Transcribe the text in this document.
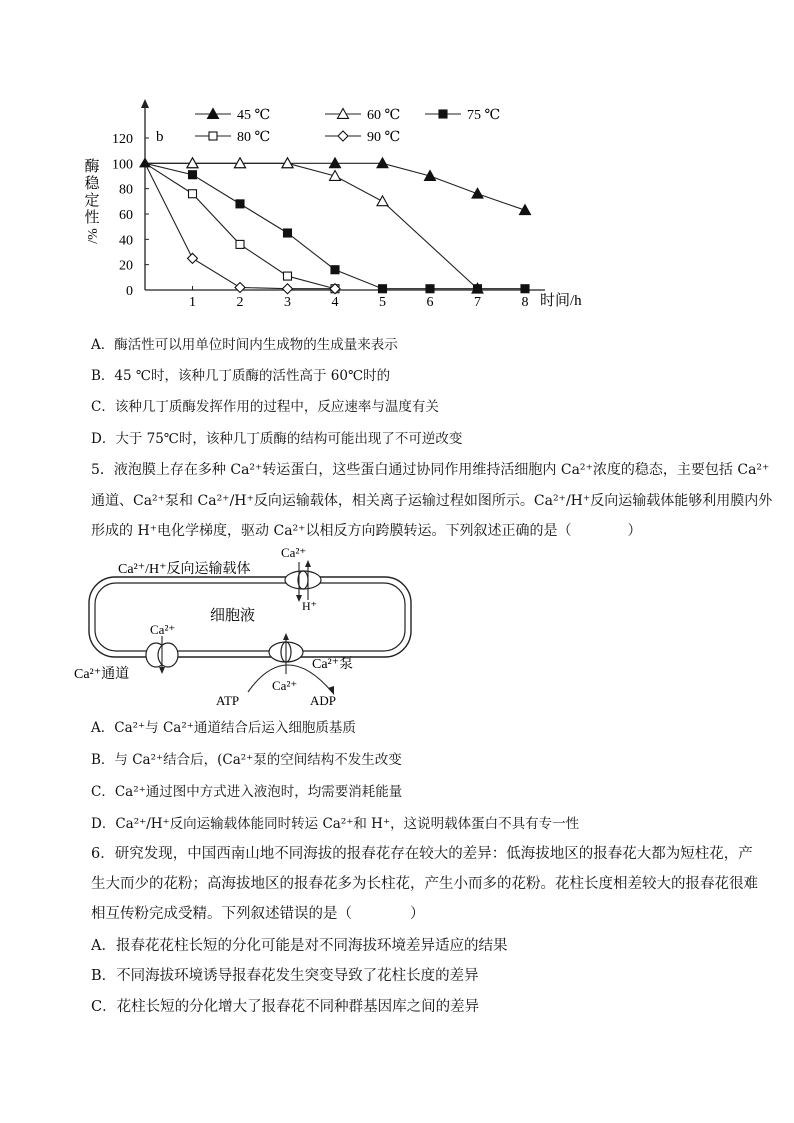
0
20
40
60
80
100
120
1	2	3	4	5	6	7	8
酶
稳
定
性
/%
时间/h
b
45 ℃	60 ℃	75 ℃
80 ℃	90 ℃
A．酶活性可以用单位时间内生成物的生成量来表示
B．45 ℃时，该种几丁质酶的活性高于 60℃时的
C．该种几丁质酶发挥作用的过程中，反应速率与温度有关
D．大于 75℃时，该种几丁质酶的结构可能出现了不可逆改变
5．液泡膜上存在多种 Ca²⁺转运蛋白，这些蛋白通过协同作用维持活细胞内 Ca²⁺浓度的稳态，主要包括 Ca²⁺
通道、Ca²⁺泵和 Ca²⁺/H⁺反向运输载体，相关离子运输过程如图所示。Ca²⁺/H⁺反向运输载体能够利用膜内外
形成的 H⁺电化学梯度，驱动 Ca²⁺以相反方向跨膜转运。下列叙述正确的是（　　　　）
Ca²⁺/H⁺反向运输载体
Ca²⁺
H⁺
细胞液
Ca²⁺
Ca²⁺通道
Ca²⁺泵
Ca²⁺
ATP	ADP
A．Ca²⁺与 Ca²⁺通道结合后运入细胞质基质
B．与 Ca²⁺结合后，(Ca²⁺泵的空间结构不发生改变
C．Ca²⁺通过图中方式进入液泡时，均需要消耗能量
D．Ca²⁺/H⁺反向运输载体能同时转运 Ca²⁺和 H⁺，这说明载体蛋白不具有专一性
6．研究发现，中国西南山地不同海拔的报春花存在较大的差异：低海拔地区的报春花大都为短柱花，产
生大而少的花粉；高海拔地区的报春花多为长柱花，产生小而多的花粉。花柱长度相差较大的报春花很难
相互传粉完成受精。下列叙述错误的是（　　　　）
A．报春花花柱长短的分化可能是对不同海拔环境差异适应的结果
B．不同海拔环境诱导报春花发生突变导致了花柱长度的差异
C．花柱长短的分化增大了报春花不同种群基因库之间的差异
